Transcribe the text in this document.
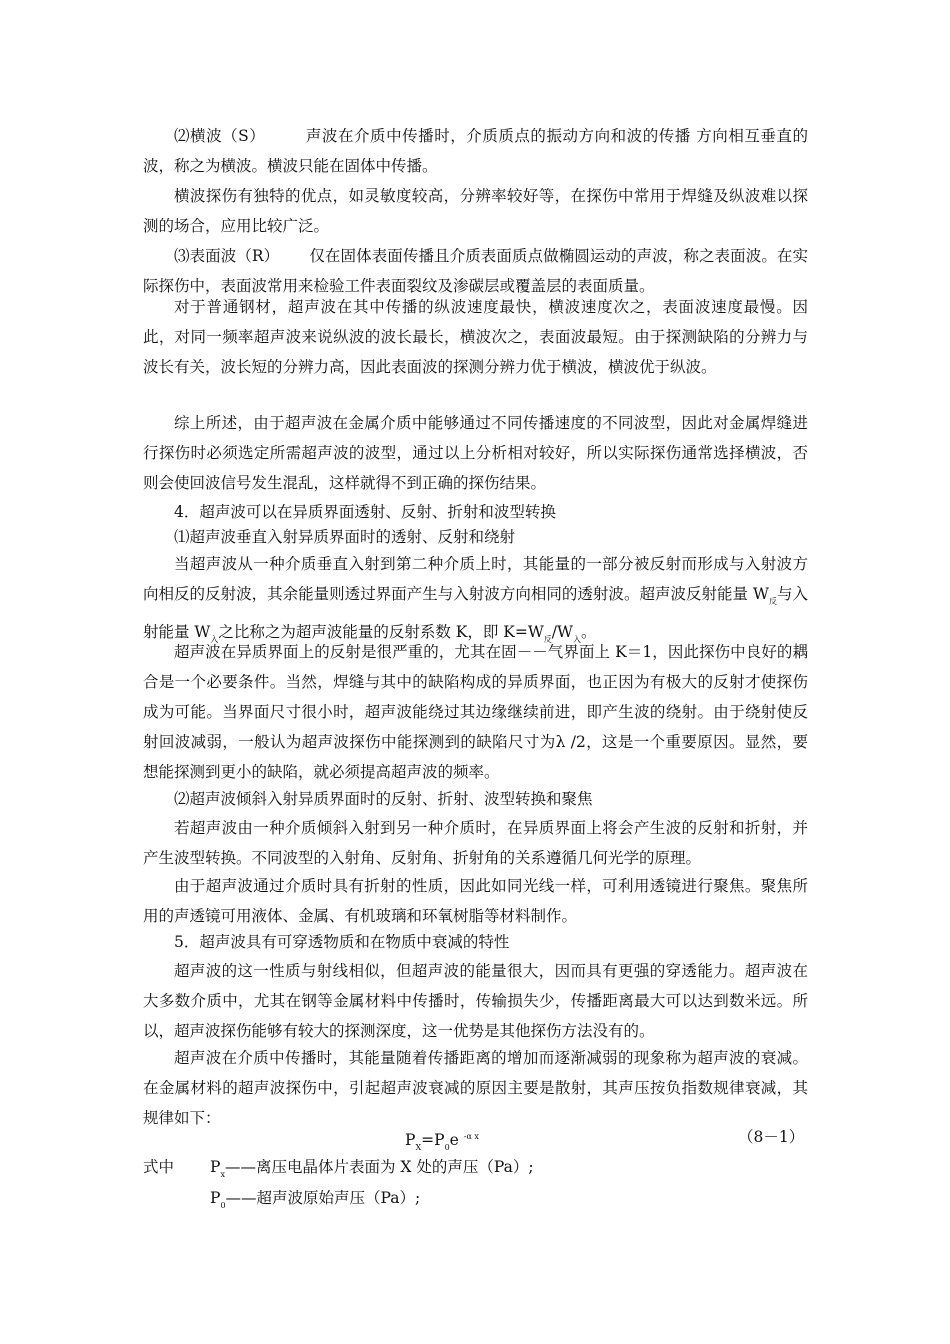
⑵横波（S）	声波在介质中传播时，介质质点的振动方向和波的传播 方向相互垂直的波，称之为横波。横波只能在固体中传播。

横波探伤有独特的优点，如灵敏度较高，分辨率较好等，在探伤中常用于焊缝及纵波难以探测的场合，应用比较广泛。

⑶表面波（R） 仅在固体表面传播且介质表面质点做椭圆运动的声波，称之表面波。在实际探伤中，表面波常用来检验工件表面裂纹及渗碳层或覆盖层的表面质量。

对于普通钢材，超声波在其中传播的纵波速度最快，横波速度次之，表面波速度最慢。因此，对同一频率超声波来说纵波的波长最长，横波次之，表面波最短。由于探测缺陷的分辨力与波长有关，波长短的分辨力高，因此表面波的探测分辨力优于横波，横波优于纵波。

综上所述，由于超声波在金属介质中能够通过不同传播速度的不同波型，因此对金属焊缝进行探伤时必须选定所需超声波的波型，通过以上分析相对较好，所以实际探伤通常选择横波，否则会使回波信号发生混乱，这样就得不到正确的探伤结果。

4．超声波可以在异质界面透射、反射、折射和波型转换

⑴超声波垂直入射异质界面时的透射、反射和绕射

当超声波从一种介质垂直入射到第二种介质上时，其能量的一部分被反射而形成与入射波方向相反的反射波，其余能量则透过界面产生与入射波方向相同的透射波。超声波反射能量 $W_反$与入射能量 $W_入$之比称之为超声波能量的反射系数 K，即 $K=W_反/W_入$。

超声波在异质界面上的反射是很严重的，尤其在固－－气界面上 K＝1，因此探伤中良好的耦合是一个必要条件。当然，焊缝与其中的缺陷构成的异质界面，也正因为有极大的反射才使探伤成为可能。当界面尺寸很小时，超声波能绕过其边缘继续前进，即产生波的绕射。由于绕射使反射回波减弱，一般认为超声波探伤中能探测到的缺陷尺寸为λ /2，这是一个重要原因。显然，要想能探测到更小的缺陷，就必须提高超声波的频率。

⑵超声波倾斜入射异质界面时的反射、折射、波型转换和聚焦

若超声波由一种介质倾斜入射到另一种介质时，在异质界面上将会产生波的反射和折射，并产生波型转换。不同波型的入射角、反射角、折射角的关系遵循几何光学的原理。

由于超声波通过介质时具有折射的性质，因此如同光线一样，可利用透镜进行聚焦。聚焦所用的声透镜可用液体、金属、有机玻璃和环氧树脂等材料制作。

5．超声波具有可穿透物质和在物质中衰减的特性

超声波的这一性质与射线相似，但超声波的能量很大，因而具有更强的穿透能力。超声波在大多数介质中，尤其在钢等金属材料中传播时，传输损失少，传播距离最大可以达到数米远。所以，超声波探伤能够有较大的探测深度，这一优势是其他探伤方法没有的。

超声波在介质中传播时，其能量随着传播距离的增加而逐渐减弱的现象称为超声波的衰减。在金属材料的超声波探伤中，引起超声波衰减的原因主要是散射，其声压按负指数规律衰减，其规律如下：

$P_X=P_0e$ $^{-\alpha x}$	（8－1）
式中 $P_x——$离压电晶体片表面为 X 处的声压（Pa）;
$P_0——$超声波原始声压（Pa）;
